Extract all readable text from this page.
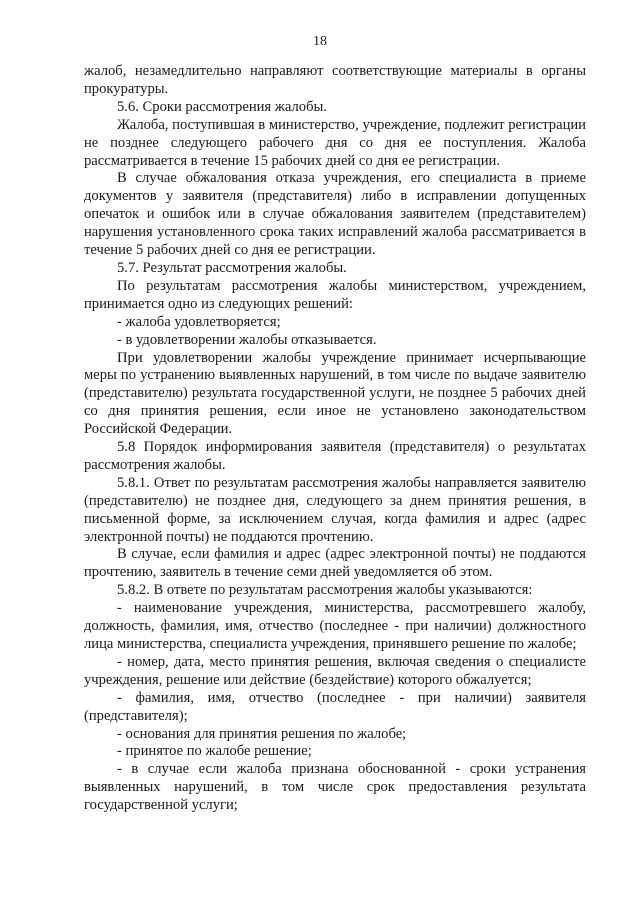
18

жалоб, незамедлительно направляют соответствующие материалы в органы прокуратуры.

5.6. Сроки рассмотрения жалобы.

Жалоба, поступившая в министерство, учреждение, подлежит регистрации не позднее следующего рабочего дня со дня ее поступления. Жалоба рассматривается в течение 15 рабочих дней со дня ее регистрации.

В случае обжалования отказа учреждения, его специалиста в приеме документов у заявителя (представителя) либо в исправлении допущенных опечаток и ошибок или в случае обжалования заявителем (представителем) нарушения установленного срока таких исправлений жалоба рассматривается в течение 5 рабочих дней со дня ее регистрации.

5.7. Результат рассмотрения жалобы.

По результатам рассмотрения жалобы министерством, учреждением, принимается одно из следующих решений:

- жалоба удовлетворяется;

- в удовлетворении жалобы отказывается.

При удовлетворении жалобы учреждение принимает исчерпывающие меры по устранению выявленных нарушений, в том числе по выдаче заявителю (представителю) результата государственной услуги, не позднее 5 рабочих дней со дня принятия решения, если иное не установлено законодательством Российской Федерации.

5.8 Порядок информирования заявителя (представителя) о результатах рассмотрения жалобы.

5.8.1. Ответ по результатам рассмотрения жалобы направляется заявителю (представителю) не позднее дня, следующего за днем принятия решения, в письменной форме, за исключением случая, когда фамилия и адрес (адрес электронной почты) не поддаются прочтению.

В случае, если фамилия и адрес (адрес электронной почты) не поддаются прочтению, заявитель в течение семи дней уведомляется об этом.

5.8.2. В ответе по результатам рассмотрения жалобы указываются:

- наименование учреждения, министерства, рассмотревшего жалобу, должность, фамилия, имя, отчество (последнее - при наличии) должностного лица министерства, специалиста учреждения, принявшего решение по жалобе;

- номер, дата, место принятия решения, включая сведения о специалисте учреждения, решение или действие (бездействие) которого обжалуется;

- фамилия, имя, отчество (последнее - при наличии) заявителя (представителя);

- основания для принятия решения по жалобе;

- принятое по жалобе решение;

- в случае если жалоба признана обоснованной - сроки устранения выявленных нарушений, в том числе срок предоставления результата государственной услуги;
